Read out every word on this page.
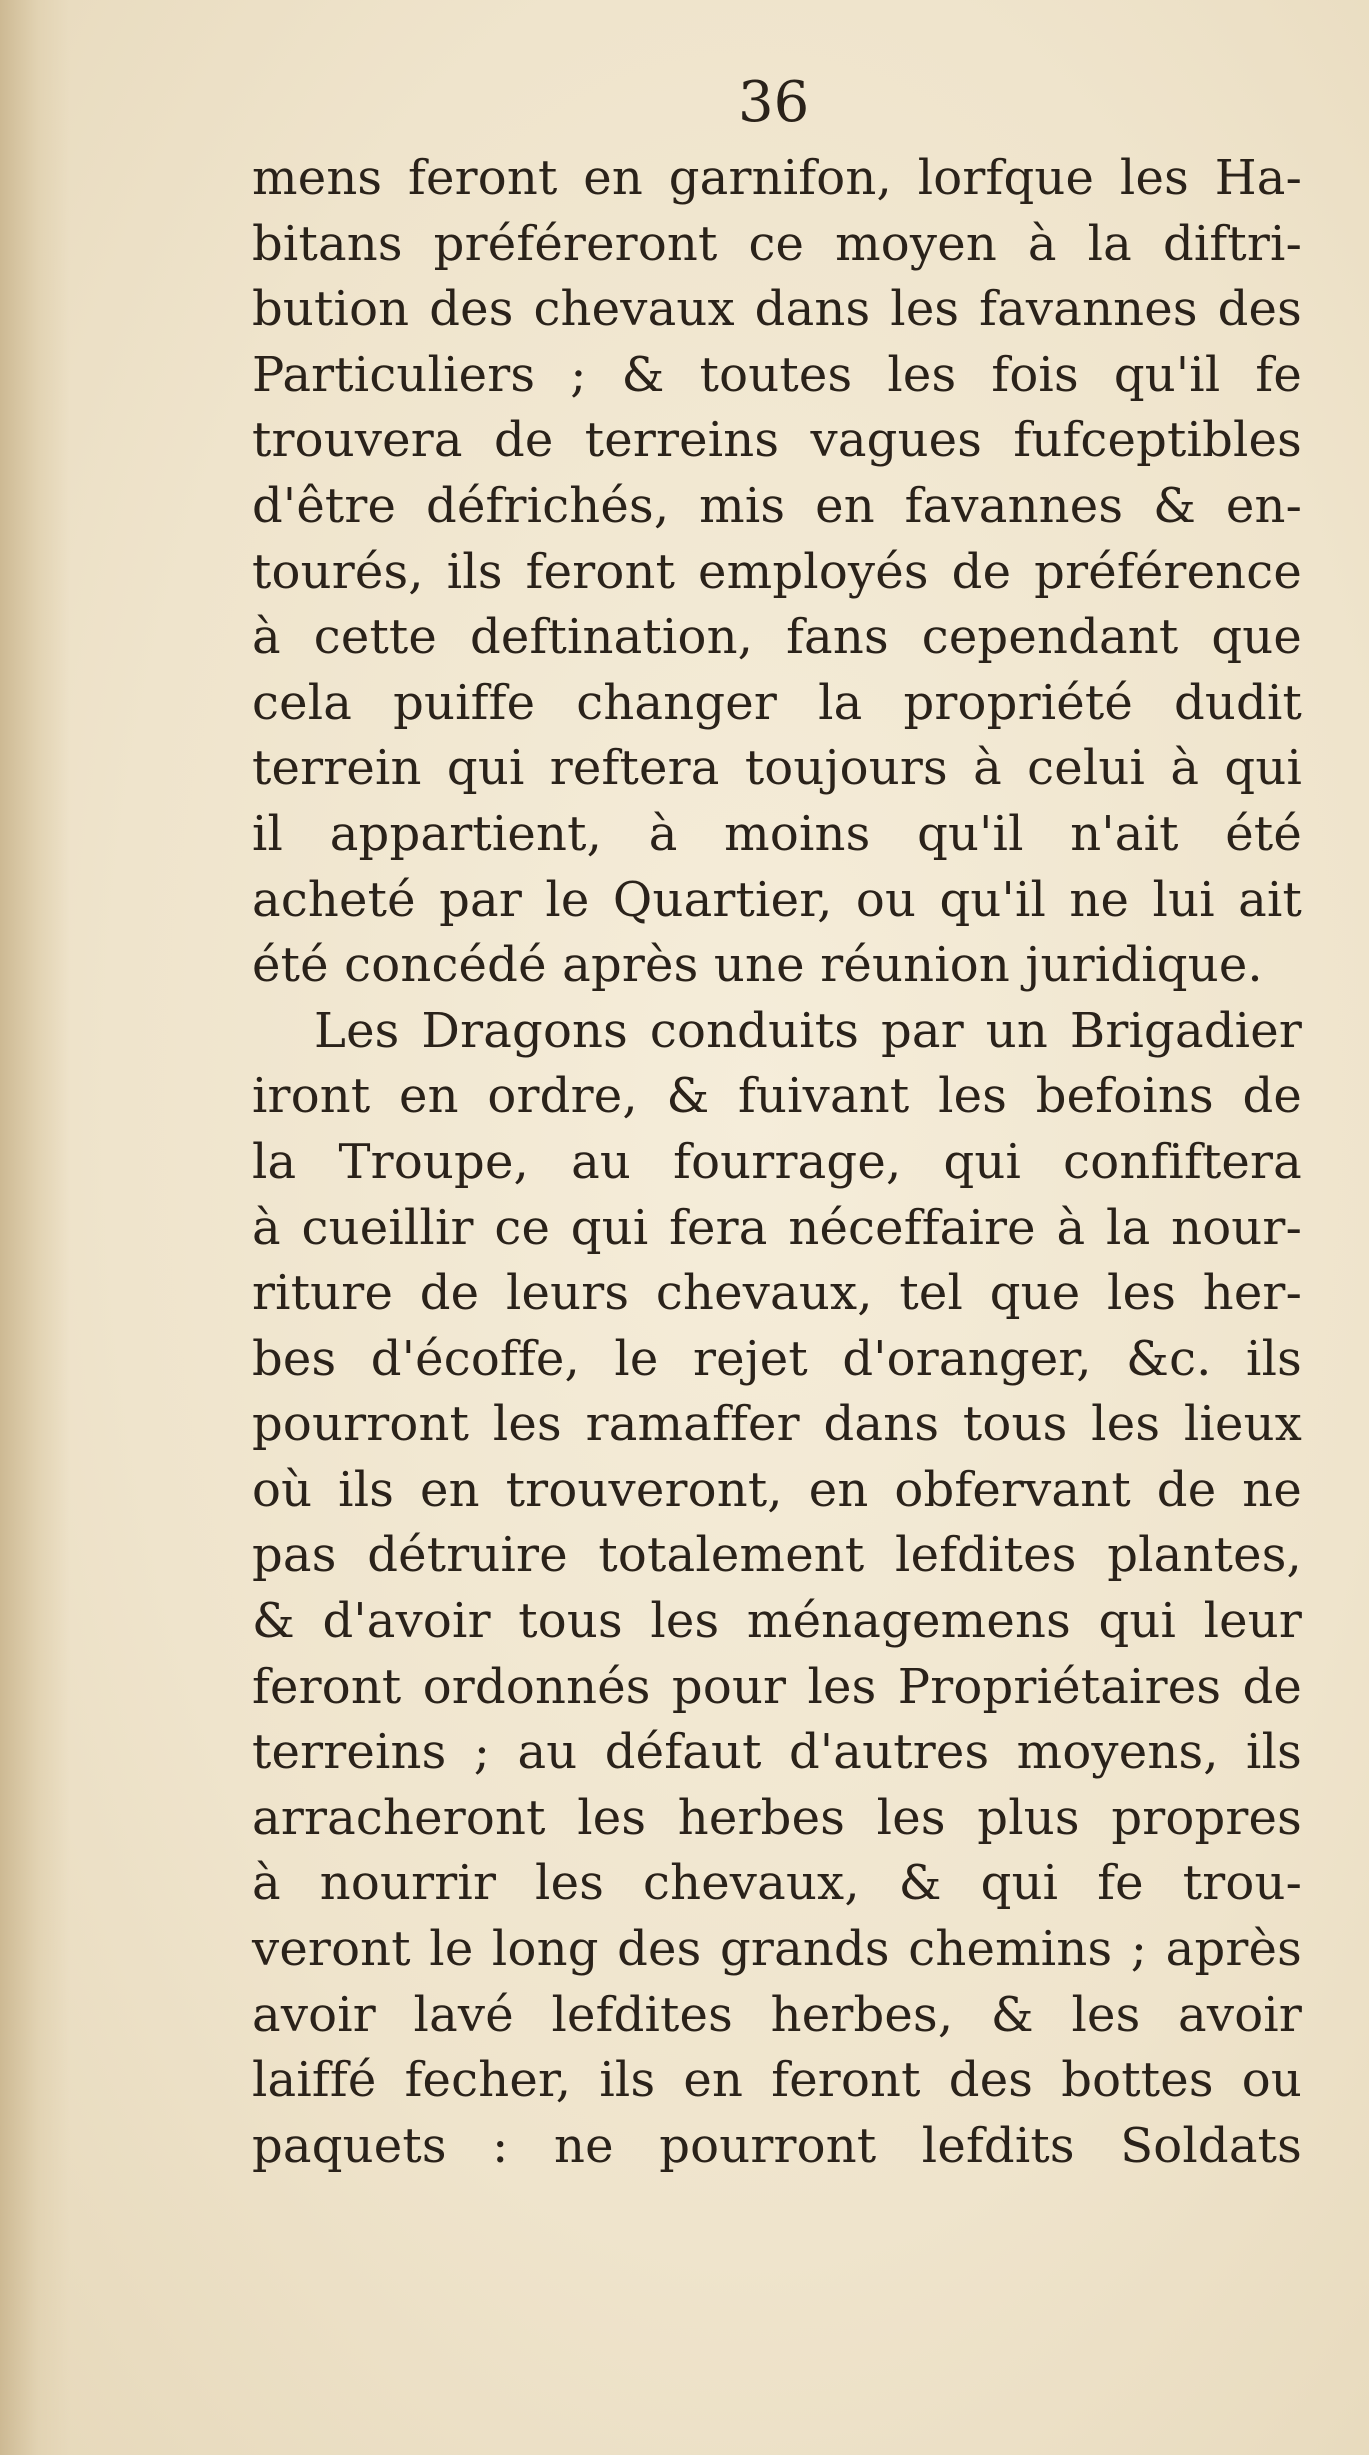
36
mens feront en garnifon, lorfque les Ha-
bitans préféreront ce moyen à la diftri-
bution des chevaux dans les favannes des
Particuliers ; & toutes les fois qu'il fe
trouvera de terreins vagues fufceptibles
d'être défrichés, mis en favannes & en-
tourés, ils feront employés de préférence
à cette deftination, fans cependant que
cela puiffe changer la propriété dudit
terrein qui reftera toujours à celui à qui
il appartient, à moins qu'il n'ait été
acheté par le Quartier, ou qu'il ne lui ait
été concédé après une réunion juridique.
Les Dragons conduits par un Brigadier
iront en ordre, & fuivant les befoins de
la Troupe, au fourrage, qui confiftera
à cueillir ce qui fera néceffaire à la nour-
riture de leurs chevaux, tel que les her-
bes d'écoffe, le rejet d'oranger, &c. ils
pourront les ramaffer dans tous les lieux
où ils en trouveront, en obfervant de ne
pas détruire totalement lefdites plantes,
& d'avoir tous les ménagemens qui leur
feront ordonnés pour les Propriétaires de
terreins ; au défaut d'autres moyens, ils
arracheront les herbes les plus propres
à nourrir les chevaux, & qui fe trou-
veront le long des grands chemins ; après
avoir lavé lefdites herbes, & les avoir
laiffé fecher, ils en feront des bottes ou
paquets : ne pourront lefdits Soldats
